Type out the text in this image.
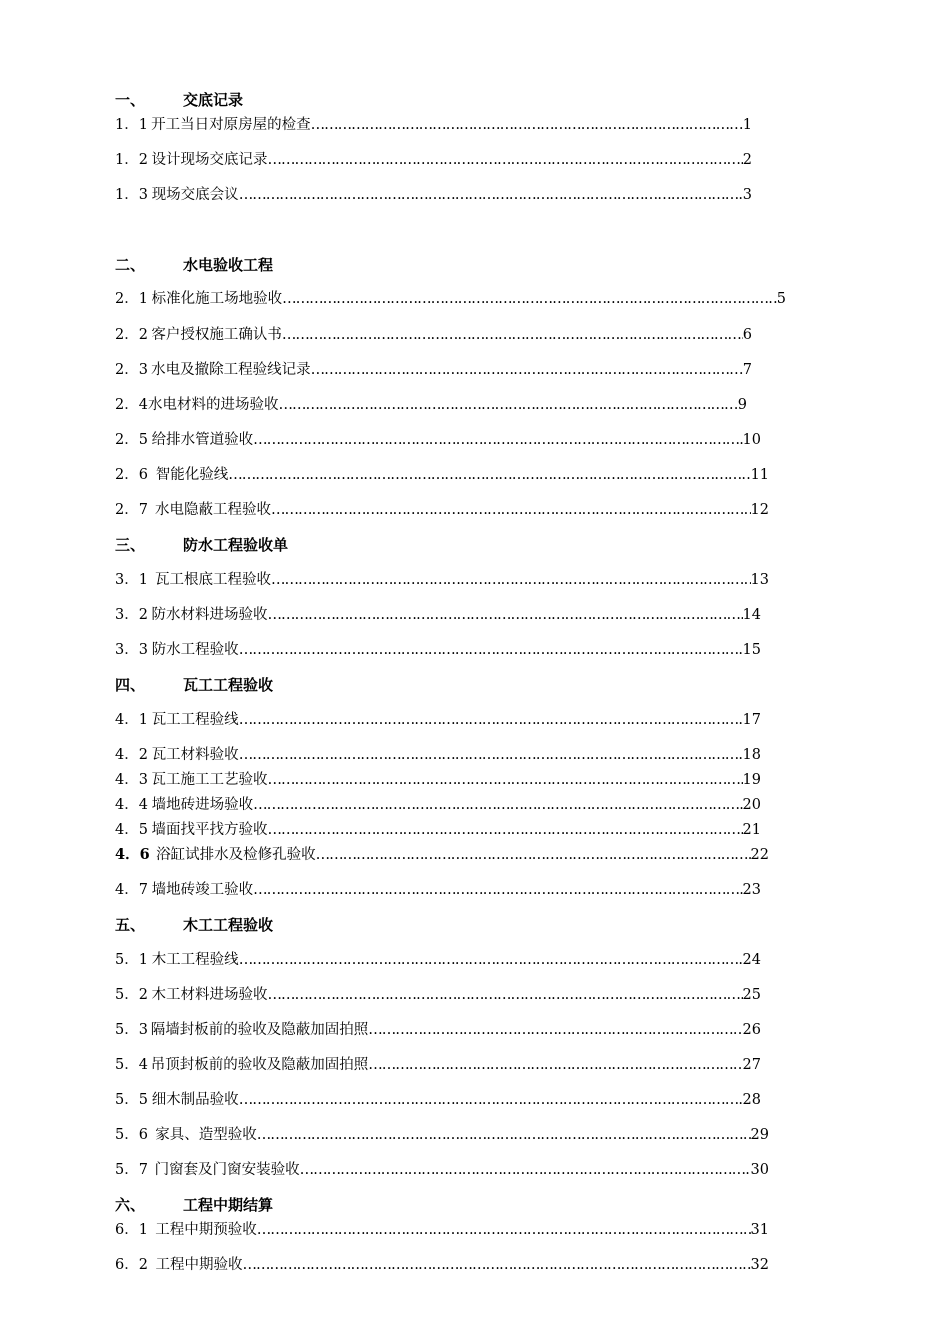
一、	交底记录
1．1 开工当日对原房屋的检查 ……………………………………………………………………………………………………………………………………………………………………………………………………………………	1
1．2 设计现场交底记录 ……………………………………………………………………………………………………………………………………………………………………………………………………………………	2
1．3 现场交底会议 ……………………………………………………………………………………………………………………………………………………………………………………………………………………	3
二、	水电验收工程
2．1 标准化施工场地验收 ……………………………………………………………………………………………………………………………………………………………………………………………………………………	5
2．2 客户授权施工确认书 ……………………………………………………………………………………………………………………………………………………………………………………………………………………	6
2．3 水电及撤除工程验线记录 ……………………………………………………………………………………………………………………………………………………………………………………………………………………	7
2．4 水电材料的进场验收 ……………………………………………………………………………………………………………………………………………………………………………………………………………………	9
2．5 给排水管道验收 ……………………………………………………………………………………………………………………………………………………………………………………………………………………	10
2．6 智能化验线 ……………………………………………………………………………………………………………………………………………………………………………………………………………………	11
2．7 水电隐蔽工程验收 ……………………………………………………………………………………………………………………………………………………………………………………………………………………	12
三、	防水工程验收单
3．1 瓦工根底工程验收 ……………………………………………………………………………………………………………………………………………………………………………………………………………………	13
3．2 防水材料进场验收 ……………………………………………………………………………………………………………………………………………………………………………………………………………………	14
3．3 防水工程验收 ……………………………………………………………………………………………………………………………………………………………………………………………………………………	15
四、	瓦工工程验收
4．1 瓦工工程验线 ……………………………………………………………………………………………………………………………………………………………………………………………………………………	17
4．2 瓦工材料验收 ……………………………………………………………………………………………………………………………………………………………………………………………………………………	18
4．3 瓦工施工工艺验收 ……………………………………………………………………………………………………………………………………………………………………………………………………………………	19
4．4 墙地砖进场验收 ……………………………………………………………………………………………………………………………………………………………………………………………………………………	20
4．5 墙面找平找方验收 ……………………………………………………………………………………………………………………………………………………………………………………………………………………	21
4．6 浴缸试排水及检修孔验收 ……………………………………………………………………………………………………………………………………………………………………………………………………………………	22
4．7 墙地砖竣工验收 ……………………………………………………………………………………………………………………………………………………………………………………………………………………	23
五、	木工工程验收
5．1 木工工程验线 ……………………………………………………………………………………………………………………………………………………………………………………………………………………	24
5．2 木工材料进场验收 ……………………………………………………………………………………………………………………………………………………………………………………………………………………	25
5．3 隔墙封板前的验收及隐蔽加固拍照 ……………………………………………………………………………………………………………………………………………………………………………………………………………………	26
5．4 吊顶封板前的验收及隐蔽加固拍照 ……………………………………………………………………………………………………………………………………………………………………………………………………………………	27
5．5 细木制品验收 ……………………………………………………………………………………………………………………………………………………………………………………………………………………	28
5．6 家具、造型验收 ……………………………………………………………………………………………………………………………………………………………………………………………………………………	29
5．7 门窗套及门窗安装验收 ……………………………………………………………………………………………………………………………………………………………………………………………………………………	30
六、	工程中期结算
6．1 工程中期预验收 ……………………………………………………………………………………………………………………………………………………………………………………………………………………	31
6．2 工程中期验收 ……………………………………………………………………………………………………………………………………………………………………………………………………………………	32
